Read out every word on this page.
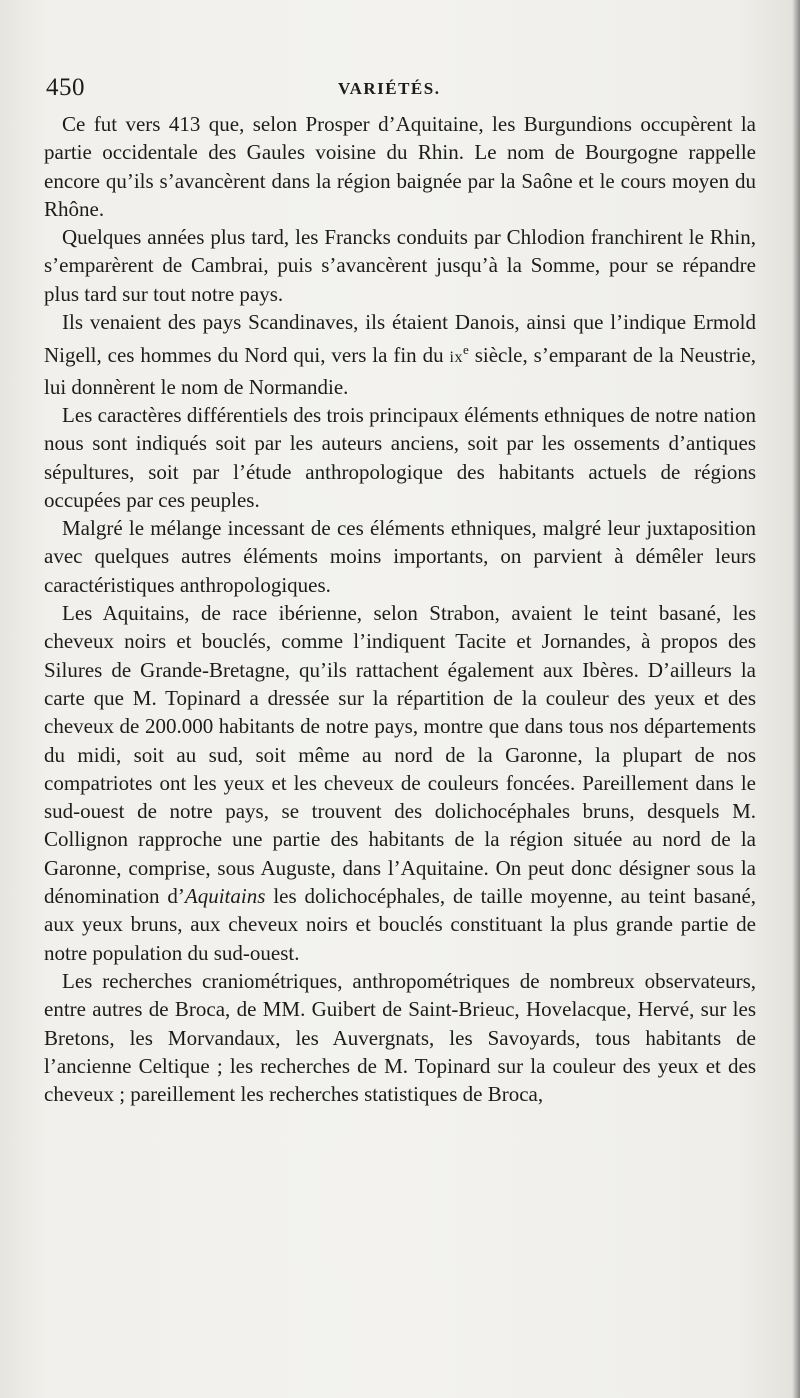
450	VARIÉTÉS.

Ce fut vers 413 que, selon Prosper d’Aquitaine, les Burgundions occupèrent la partie occidentale des Gaules voisine du Rhin. Le nom de Bourgogne rappelle encore qu’ils s’avancèrent dans la région baignée par la Saône et le cours moyen du Rhône.

Quelques années plus tard, les Francks conduits par Chlodion franchirent le Rhin, s’emparèrent de Cambrai, puis s’avancèrent jusqu’à la Somme, pour se répandre plus tard sur tout notre pays.

Ils venaient des pays Scandinaves, ils étaient Danois, ainsi que l’indique Ermold Nigell, ces hommes du Nord qui, vers la fin du $ix^e$ siècle, s’emparant de la Neustrie, lui donnèrent le nom de Normandie.

Les caractères différentiels des trois principaux éléments ethniques de notre nation nous sont indiqués soit par les auteurs anciens, soit par les ossements d’antiques sépultures, soit par l’étude anthropologique des habitants actuels de régions occupées par ces peuples.

Malgré le mélange incessant de ces éléments ethniques, malgré leur juxtaposition avec quelques autres éléments moins importants, on parvient à démêler leurs caractéristiques anthropologiques.

Les Aquitains, de race ibérienne, selon Strabon, avaient le teint basané, les cheveux noirs et bouclés, comme l’indiquent Tacite et Jornandes, à propos des Silures de Grande-Bretagne, qu’ils rattachent également aux Ibères. D’ailleurs la carte que M. Topinard a dressée sur la répartition de la couleur des yeux et des cheveux de 200.000 habitants de notre pays, montre que dans tous nos départements du midi, soit au sud, soit même au nord de la Garonne, la plupart de nos compatriotes ont les yeux et les cheveux de couleurs foncées. Pareillement dans le sud-ouest de notre pays, se trouvent des dolichocéphales bruns, desquels M. Collignon rapproche une partie des habitants de la région située au nord de la Garonne, comprise, sous Auguste, dans l’Aquitaine. On peut donc désigner sous la dénomination d’Aquitains les dolichocéphales, de taille moyenne, au teint basané, aux yeux bruns, aux cheveux noirs et bouclés constituant la plus grande partie de notre population du sud-ouest.

Les recherches craniométriques, anthropométriques de nombreux observateurs, entre autres de Broca, de MM. Guibert de Saint-Brieuc, Hovelacque, Hervé, sur les Bretons, les Morvandaux, les Auvergnats, les Savoyards, tous habitants de l’ancienne Celtique ; les recherches de M. Topinard sur la couleur des yeux et des cheveux ; pareillement les recherches statistiques de Broca,
